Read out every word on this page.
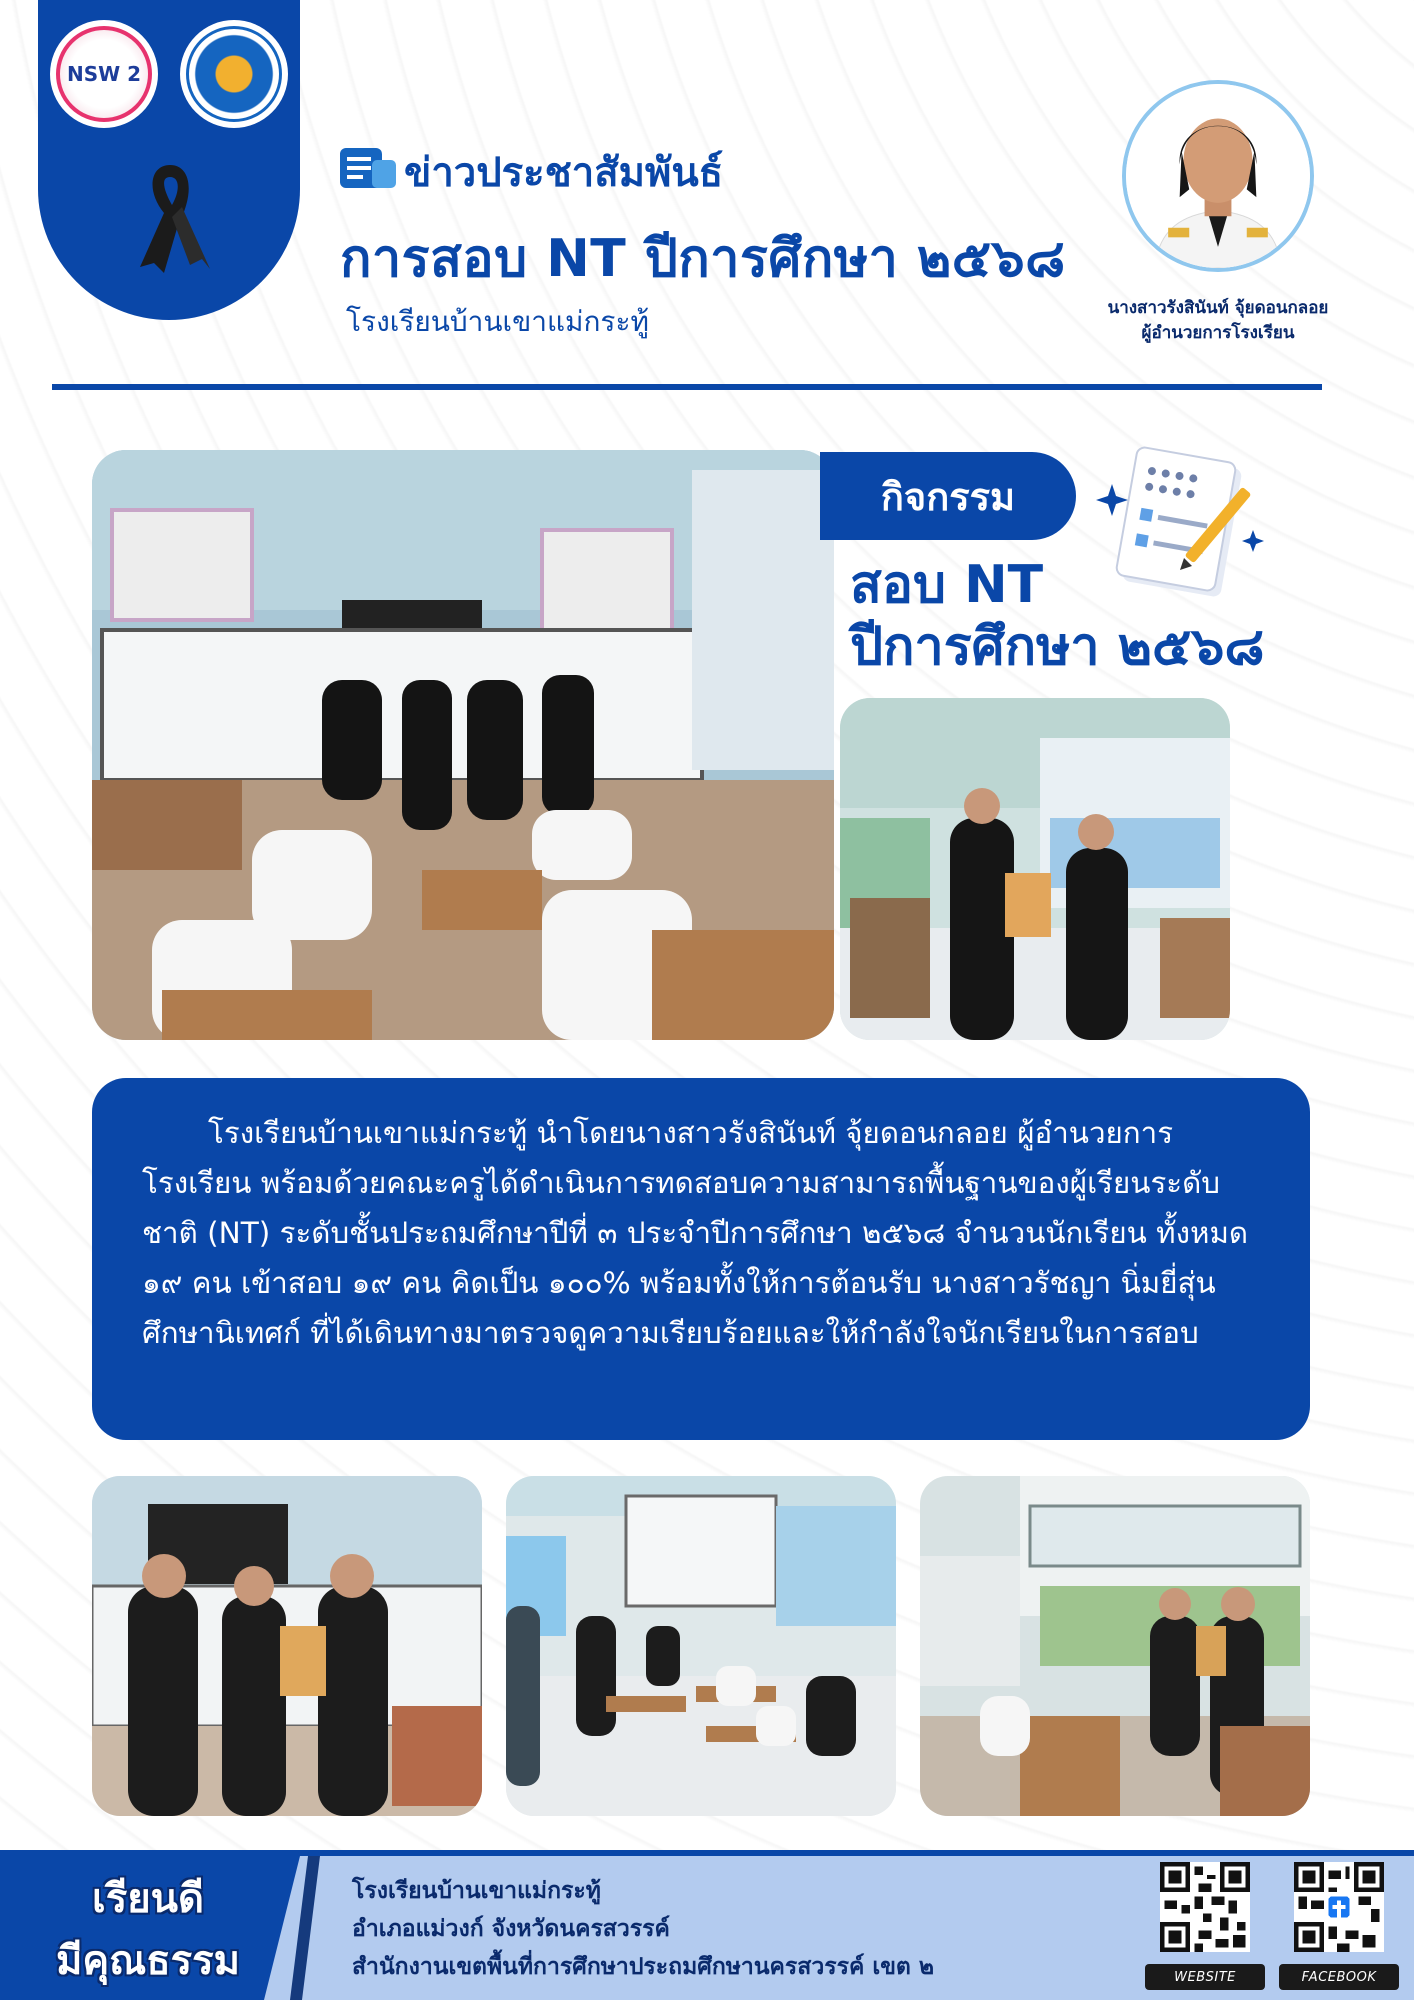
NSW 2
ข่าวประชาสัมพันธ์
การสอบ NT ปีการศึกษา ๒๕๖๘
โรงเรียนบ้านเขาแม่กระทู้	นางสาวรังสินันท์ จุ้ยดอนกลอย
ผู้อำนวยการโรงเรียน
กิจกรรม
สอบ NT
ปีการศึกษา ๒๕๖๘

โรงเรียนบ้านเขาแม่กระทู้ นำโดยนางสาวรังสินันท์ จุ้ยดอนกลอย ผู้อำนวยการโรงเรียน พร้อมด้วยคณะครูได้ดำเนินการทดสอบความสามารถพื้นฐานของผู้เรียนระดับชาติ (NT) ระดับชั้นประถมศึกษาปีที่ ๓ ประจำปีการศึกษา ๒๕๖๘ จำนวนนักเรียน ทั้งหมด ๑๙ คน เข้าสอบ ๑๙ คน คิดเป็น ๑๐๐% พร้อมทั้งให้การต้อนรับ นางสาวรัชญา นิ่มยี่สุ่น ศึกษานิเทศก์ ที่ได้เดินทางมาตรวจดูความเรียบร้อยและให้กำลังใจนักเรียนในการสอบ

เรียนดี
มีคุณธรรม
โรงเรียนบ้านเขาแม่กระทู้
อำเภอแม่วงก์ จังหวัดนครสวรรค์
สำนักงานเขตพื้นที่การศึกษาประถมศึกษานครสวรรค์ เขต ๒	WEBSITE	FACEBOOK
